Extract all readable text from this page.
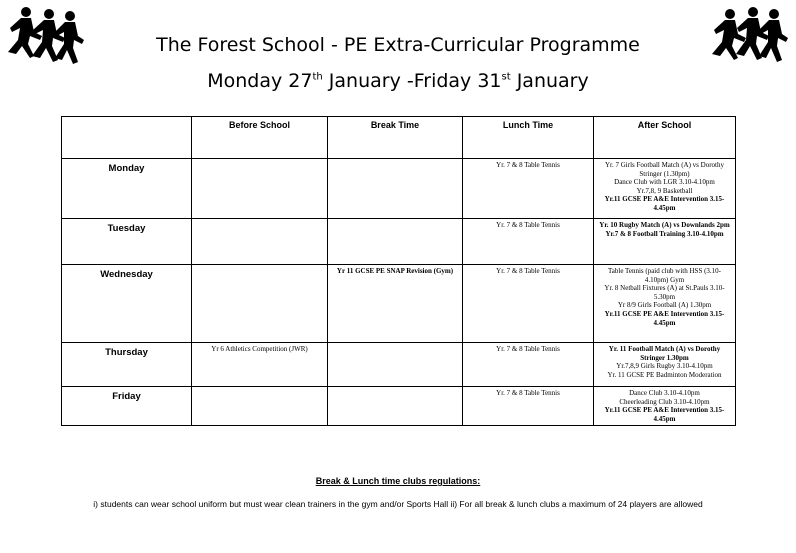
The Forest School - PE Extra-Curricular Programme
Monday 27th January -Friday 31st January
	Before School	Break Time	Lunch Time	After School
Monday			Yr. 7 & 8 Table Tennis	Yr. 7 Girls Football Match (A) vs Dorothy Stringer (1.30pm)
Dance Club with LGR 3.10-4.10pm
Yr.7,8, 9 Basketball
Yr.11 GCSE PE A&E Intervention 3.15-4.45pm

Tuesday			Yr. 7 & 8 Table Tennis	Yr. 10 Rugby Match (A) vs Downlands 2pm
Yr.7 & 8 Football Training 3.10-4.10pm

Wednesday		Yr 11 GCSE PE SNAP Revision (Gym)	Yr. 7 & 8 Table Tennis	Table Tennis (paid club with HSS (3.10-4.10pm) Gym
Yr. 8 Netball Fixtures (A) at St.Pauls 3.10-5.30pm
Yr 8/9 Girls Football (A) 1.30pm
Yr.11 GCSE PE A&E Intervention 3.15-4.45pm

Thursday	Yr 6 Athletics Competition (JWR)		Yr. 7 & 8 Table Tennis	Yr. 11 Football Match (A) vs Dorothy Stringer 1.30pm
Yr.7,8,9 Girls Rugby 3.10-4.10pm
Yr. 11 GCSE PE Badminton Moderation

Friday			Yr. 7 & 8 Table Tennis	Dance Club 3.10-4.10pm
Cheerleading Club 3.10-4.10pm
Yr.11 GCSE PE A&E Intervention 3.15-4.45pm
Break & Lunch time clubs regulations:
i) students can wear school uniform but must wear clean trainers in the gym and/or Sports Hall ii) For all break & lunch clubs a maximum of 24 players are allowed
